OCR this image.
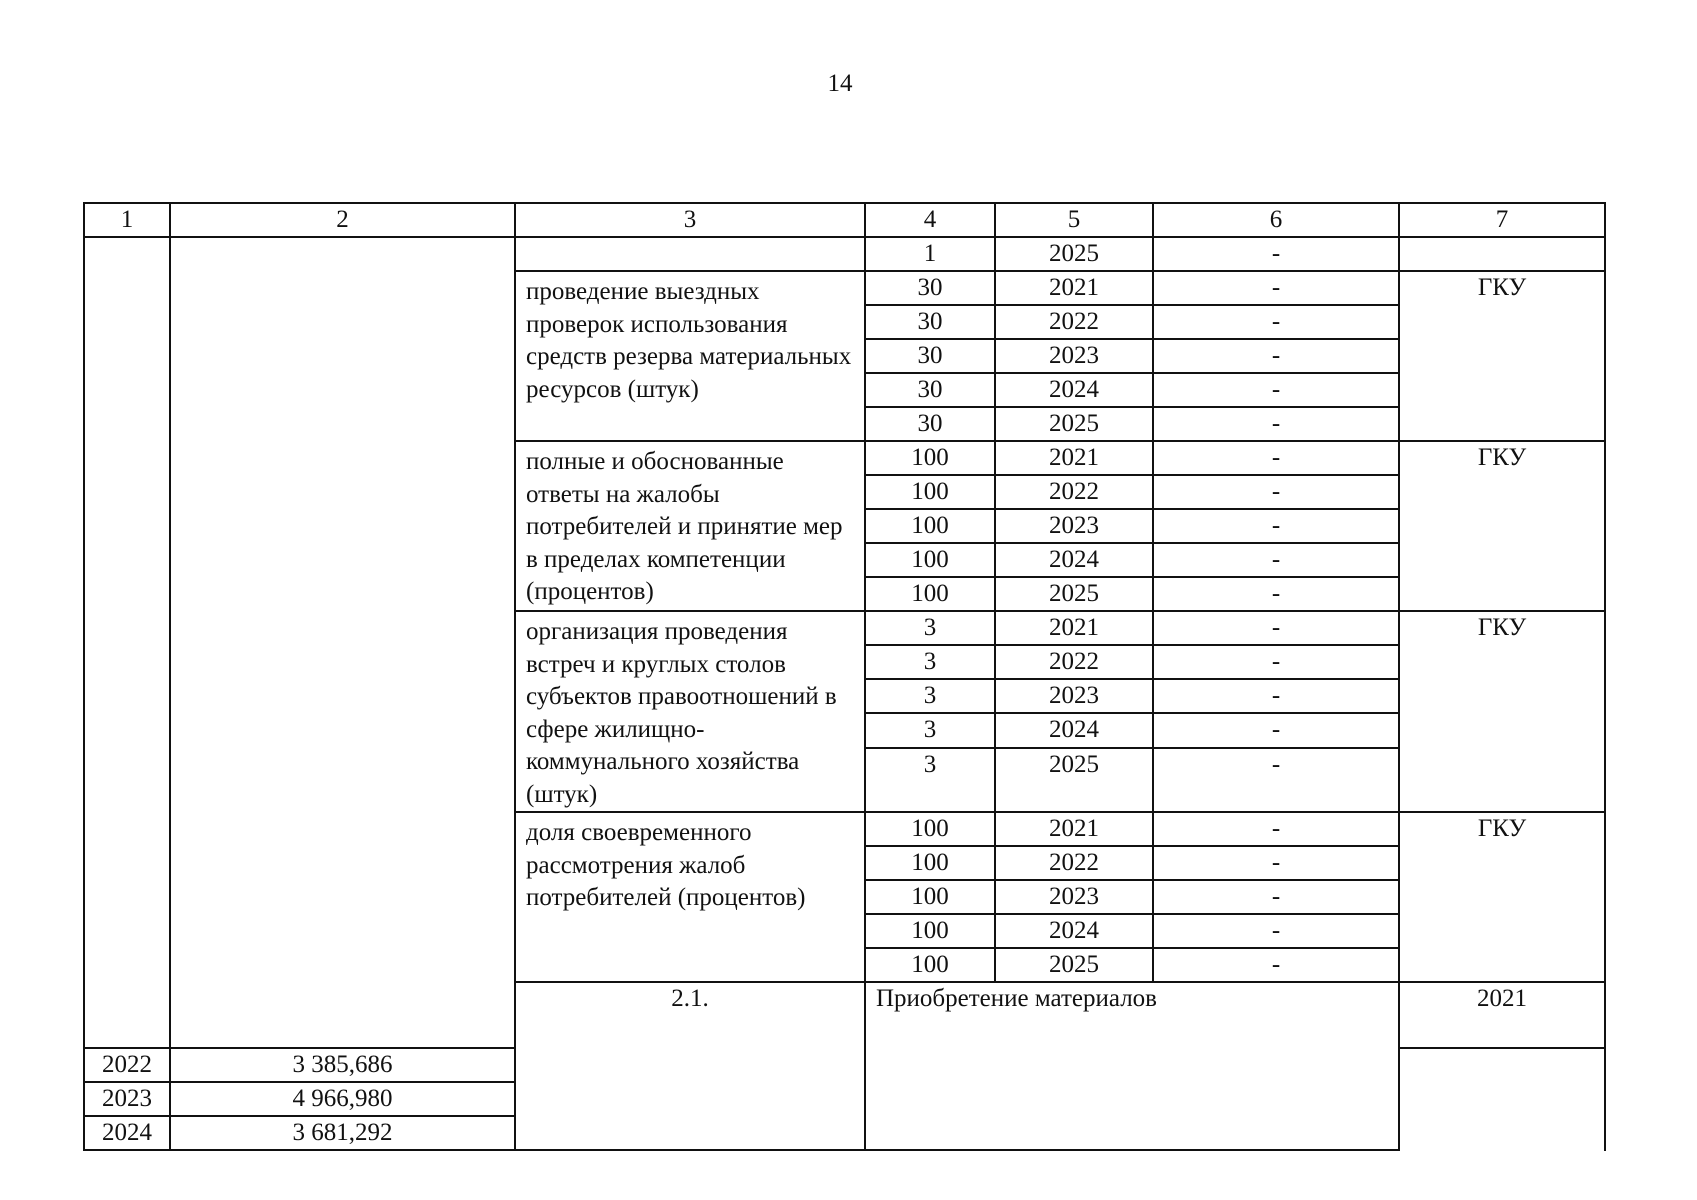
14
1	2	3	4	5	6	7	
			1	2025	-		
		проведение выездных проверок использования средств резерва материальных ресурсов (штук)	30	2021	-	ГКУ	
			30	2022	-		
			30	2023	-		
			30	2024	-		
			30	2025	-		
		полные и обоснованные ответы на жалобы потребителей и принятие мер в пределах компетенции (процентов)	100	2021	-	ГКУ	
			100	2022	-		
			100	2023	-		
			100	2024	-		
			100	2025	-		
		организация проведения встреч и круглых столов субъектов правоотношений в сфере жилищно-коммунального хозяйства (штук)	3	2021	-	ГКУ	
			3	2022	-		
			3	2023	-		
			3	2024	-		
			3	2025	-		
		доля своевременного рассмотрения жалоб потребителей (процентов)	100	2021	-	ГКУ	
			100	2022	-		
			100	2023	-		
			100	2024	-		
			100	2025	-		
		2.1.	Приобретение материалов			2021		
2022	3 385,686						
2023	4 966,980						
2024	3 681,292						
